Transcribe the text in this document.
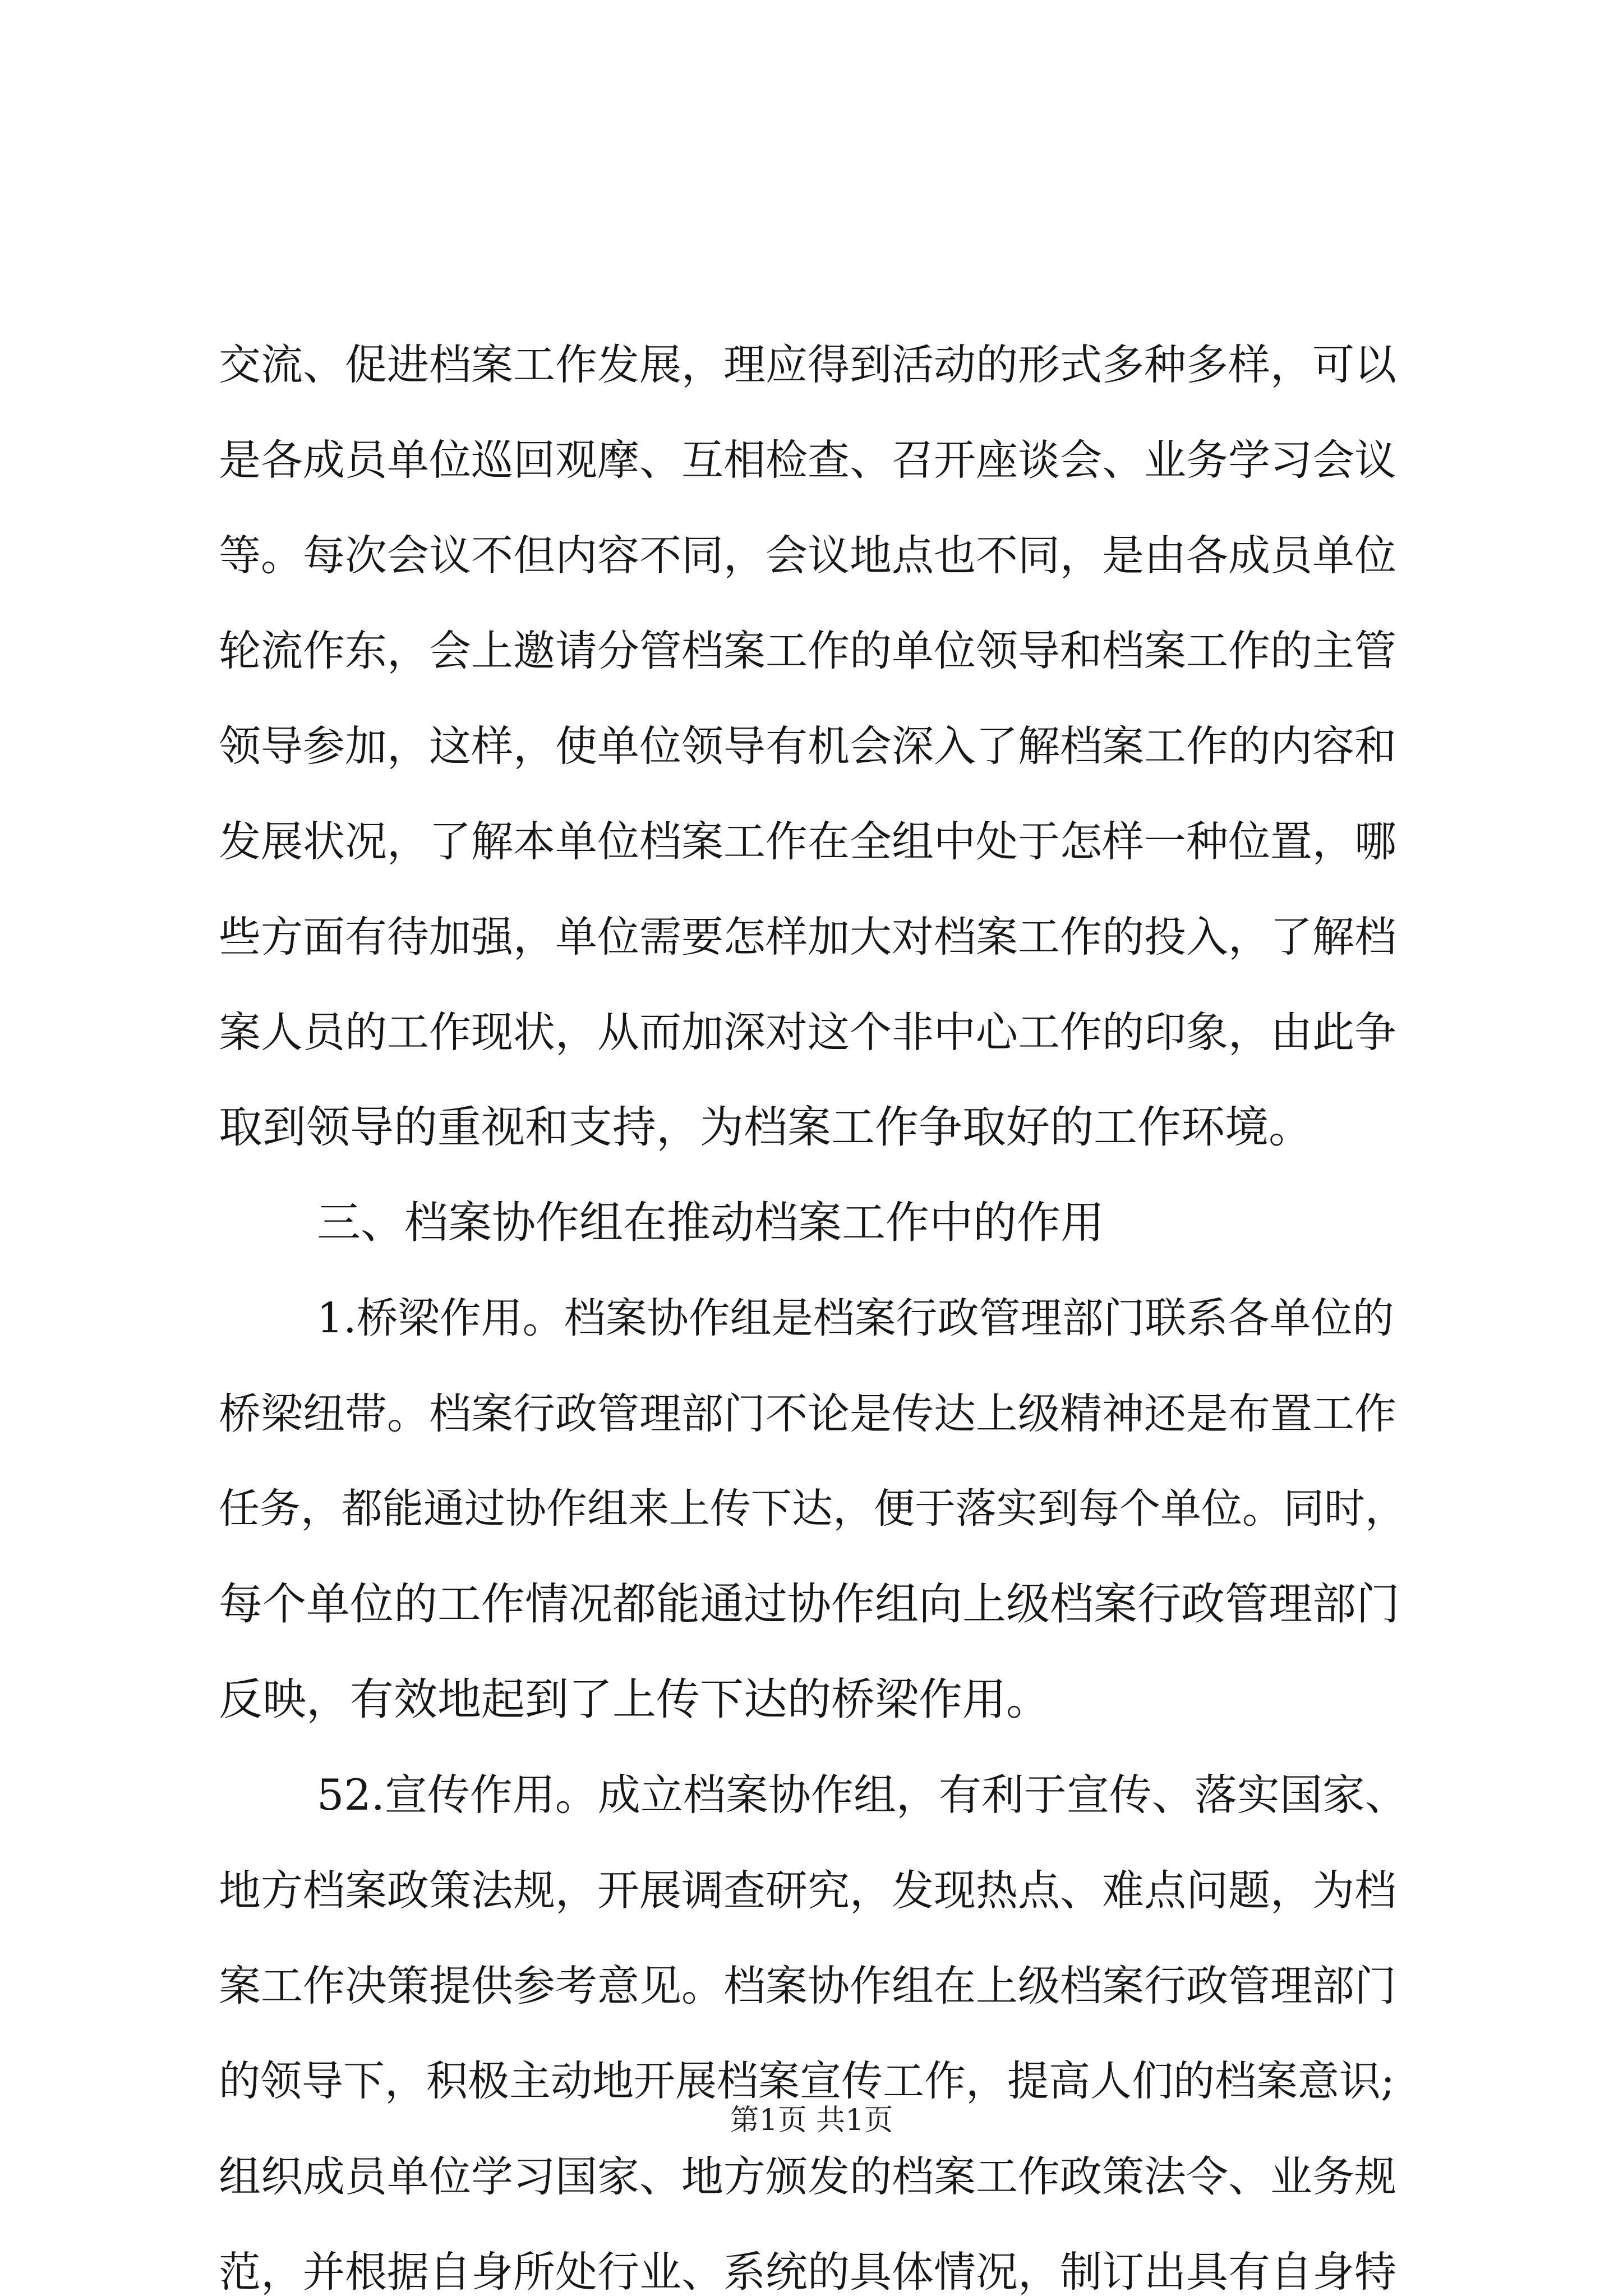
交流、促进档案工作发展，理应得到活动的形式多种多样，可以
是各成员单位巡回观摩、互相检查、召开座谈会、业务学习会议
等。每次会议不但内容不同，会议地点也不同，是由各成员单位
轮流作东，会上邀请分管档案工作的单位领导和档案工作的主管
领导参加，这样，使单位领导有机会深入了解档案工作的内容和
发展状况，了解本单位档案工作在全组中处于怎样一种位置，哪
些方面有待加强，单位需要怎样加大对档案工作的投入，了解档
案人员的工作现状，从而加深对这个非中心工作的印象，由此争
取到领导的重视和支持，为档案工作争取好的工作环境。
三、档案协作组在推动档案工作中的作用
1.桥梁作用。档案协作组是档案行政管理部门联系各单位的
桥梁纽带。档案行政管理部门不论是传达上级精神还是布置工作
任务，都能通过协作组来上传下达，便于落实到每个单位。同时，
每个单位的工作情况都能通过协作组向上级档案行政管理部门
反映，有效地起到了上传下达的桥梁作用。
52.宣传作用。成立档案协作组，有利于宣传、落实国家、
地方档案政策法规，开展调查研究，发现热点、难点问题，为档
案工作决策提供参考意见。档案协作组在上级档案行政管理部门
的领导下，积极主动地开展档案宣传工作，提高人们的档案意识;
组织成员单位学习国家、地方颁发的档案工作政策法令、业务规
范，并根据自身所处行业、系统的具体情况，制订出具有自身特
第1页 共1页
